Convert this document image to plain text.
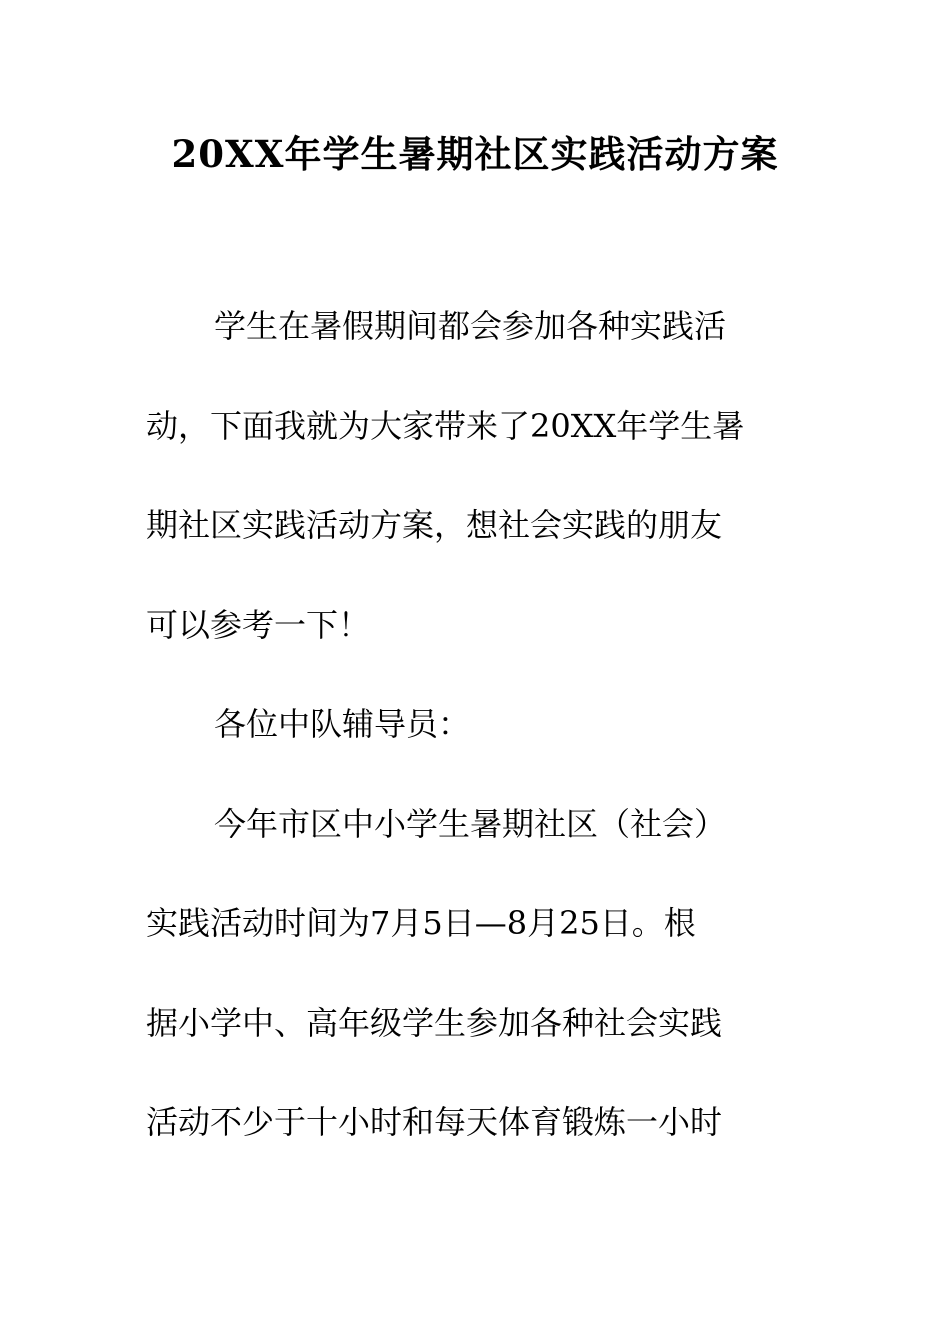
20XX年学生暑期社区实践活动方案
学生在暑假期间都会参加各种实践活
动，下面我就为大家带来了20XX年学生暑
期社区实践活动方案，想社会实践的朋友
可以参考一下！
各位中队辅导员：
今年市区中小学生暑期社区（社会）
实践活动时间为7月5日—8月25日。根
据小学中、高年级学生参加各种社会实践
活动不少于十小时和每天体育锻炼一小时
